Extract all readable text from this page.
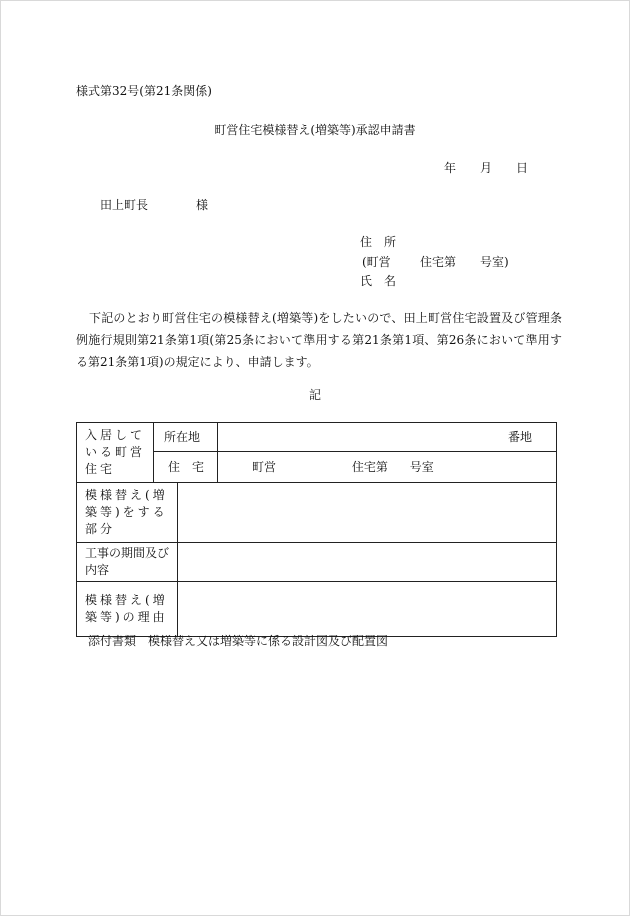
様式第32号(第21条関係)
町営住宅模様替え(増築等)承認申請書
年 月 日
田上町長	様
住　所
(町営 住宅第 号室)
氏　名
下記のとおり町営住宅の模様替え(増築等)をしたいので、田上町営住宅設置及び管理条例施行規則第21条第1項(第25条において準用する第21条第1項、第26条において準用する第21条第1項)の規定により、申請します。
記
入居している町営住宅	所在地		番地

	住　宅		町営 住宅第 号室

模様替え(増築等)をする部分			

工事の期間及び内容			

模様替え(増築等)の理由			

添付書類　模様替え又は増築等に係る設計図及び配置図
